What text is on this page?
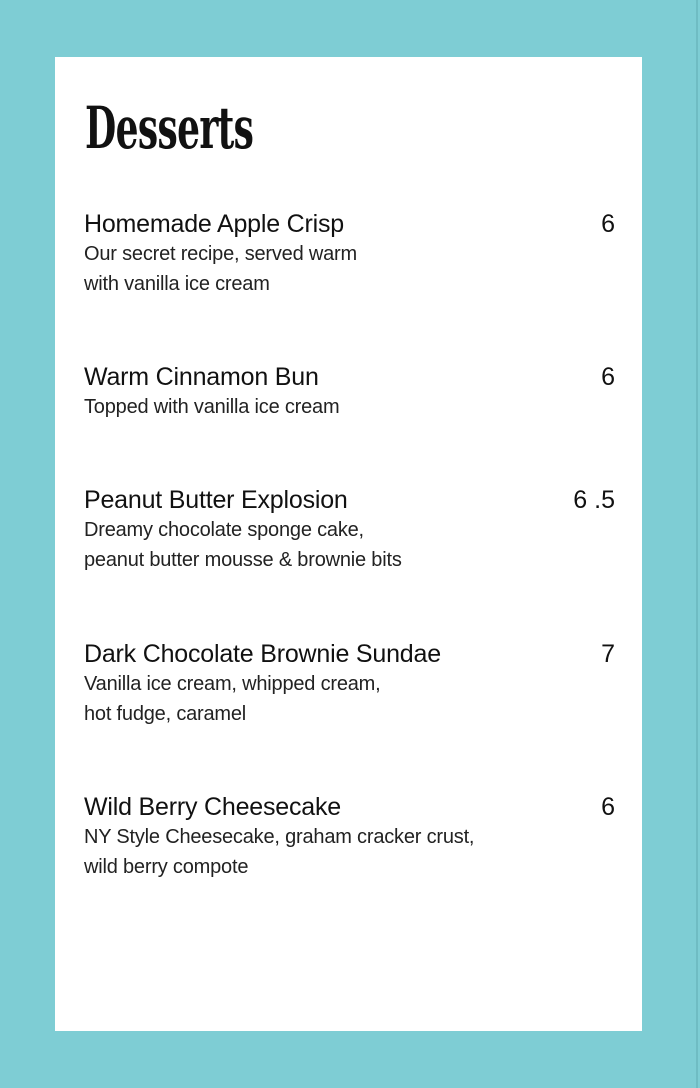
Desserts
Homemade Apple Crisp	6
Our secret recipe, served warm
with vanilla ice cream
Warm Cinnamon Bun	6
Topped with vanilla ice cream
Peanut Butter Explosion	6 .5
Dreamy chocolate sponge cake,
peanut butter mousse & brownie bits
Dark Chocolate Brownie Sundae	7
Vanilla ice cream, whipped cream,
hot fudge, caramel
Wild Berry Cheesecake	6
NY Style Cheesecake, graham cracker crust,
wild berry compote
